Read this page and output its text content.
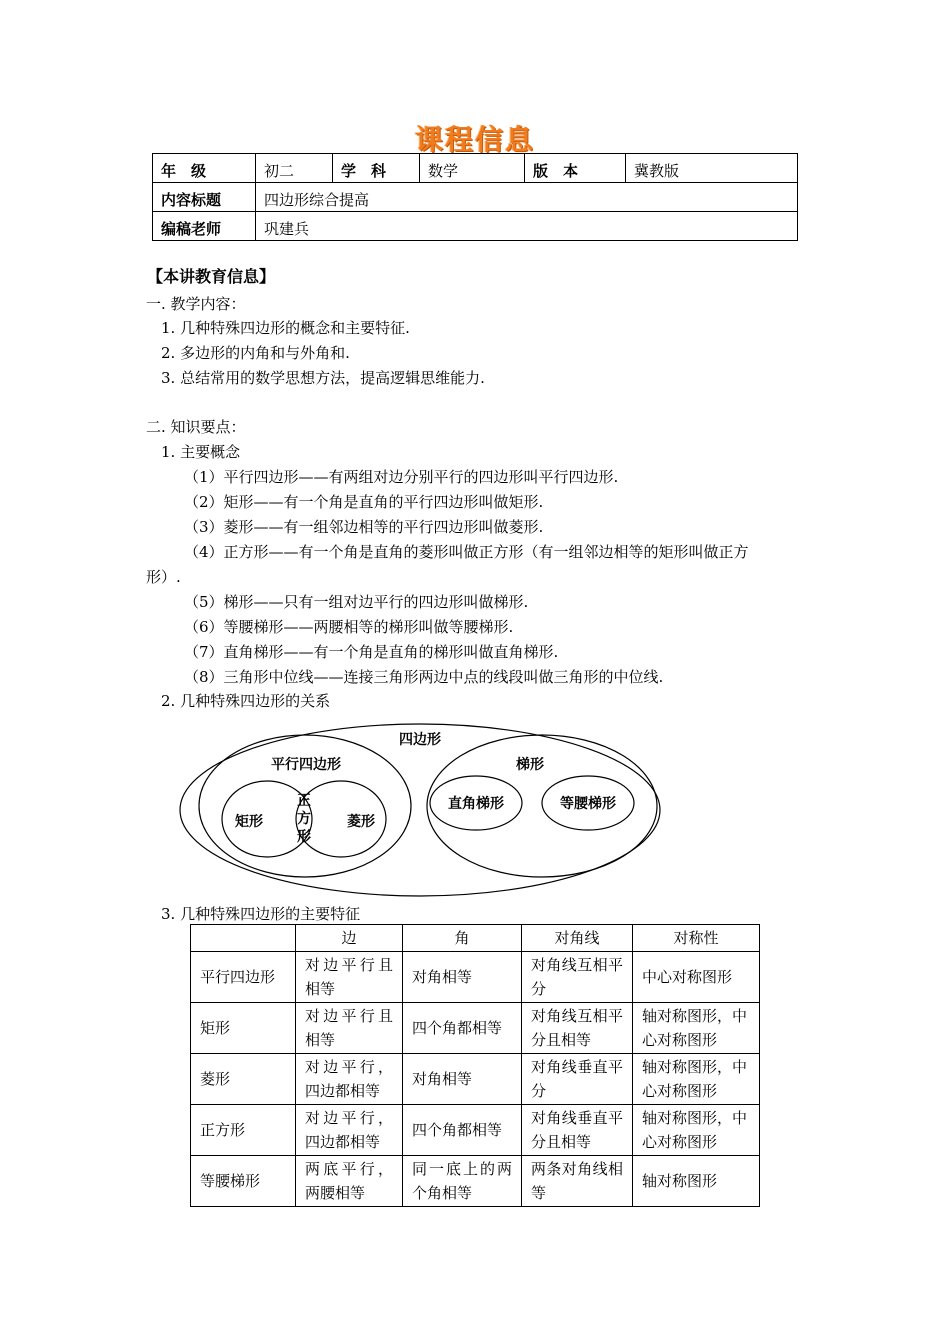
课程信息
年　级	初二	学　科	数学	版　本	冀教版
内容标题	四边形综合提高				
编稿老师	巩建兵				
【本讲教育信息】
一. 教学内容：
1. 几种特殊四边形的概念和主要特征.
2. 多边形的内角和与外角和.
3. 总结常用的数学思想方法，提高逻辑思维能力.
二. 知识要点：
1. 主要概念
（1）平行四边形——有两组对边分别平行的四边形叫平行四边形.
（2）矩形——有一个角是直角的平行四边形叫做矩形.
（3）菱形——有一组邻边相等的平行四边形叫做菱形.
（4）正方形——有一个角是直角的菱形叫做正方形（有一组邻边相等的矩形叫做正方
形）.
（5）梯形——只有一组对边平行的四边形叫做梯形.
（6）等腰梯形——两腰相等的梯形叫做等腰梯形.
（7）直角梯形——有一个角是直角的梯形叫做直角梯形.
（8）三角形中位线——连接三角形两边中点的线段叫做三角形的中位线.
2. 几种特殊四边形的关系
四边形
平行四边形	梯形
矩形	菱形
正
方
形
直角梯形	等腰梯形
3. 几种特殊四边形的主要特征
	边	角	对角线	对称性
平行四边形	对边平行且相等	对角相等	对角线互相平分	中心对称图形
矩形	对边平行且相等	四个角都相等	对角线互相平分且相等	轴对称图形，中心对称图形
菱形	对边平行，四边都相等	对角相等	对角线垂直平分	轴对称图形，中心对称图形
正方形	对边平行，四边都相等	四个角都相等	对角线垂直平分且相等	轴对称图形，中心对称图形
等腰梯形	两底平行，两腰相等	同一底上的两个角相等	两条对角线相等	轴对称图形
